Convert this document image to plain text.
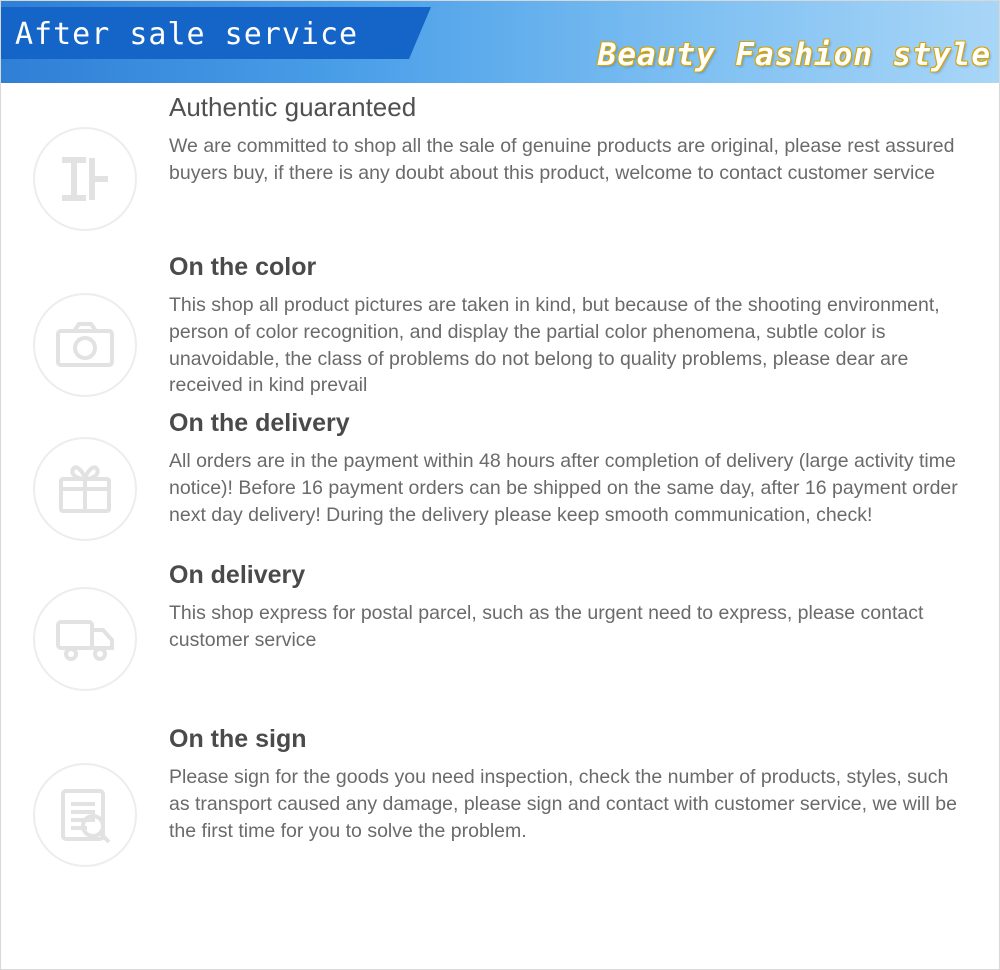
After sale service
Beauty Fashion style
Authentic guaranteed

We are committed to shop all the sale of genuine products are original, please rest assured buyers buy, if there is any doubt about this product, welcome to contact customer service

On the color

This shop all product pictures are taken in kind, but because of the shooting environment, person of color recognition, and display the partial color phenomena, subtle color is unavoidable, the class of problems do not belong to quality problems, please dear are received in kind prevail

On the delivery

All orders are in the payment within 48 hours after completion of delivery (large activity time notice)! Before 16 payment orders can be shipped on the same day, after 16 payment order next day delivery! During the delivery please keep smooth communication, check!

On delivery

This shop express for postal parcel, such as the urgent need to express, please contact customer service

On the sign

Please sign for the goods you need inspection, check the number of products, styles, such as transport caused any damage, please sign and contact with customer service, we will be the first time for you to solve the problem.
